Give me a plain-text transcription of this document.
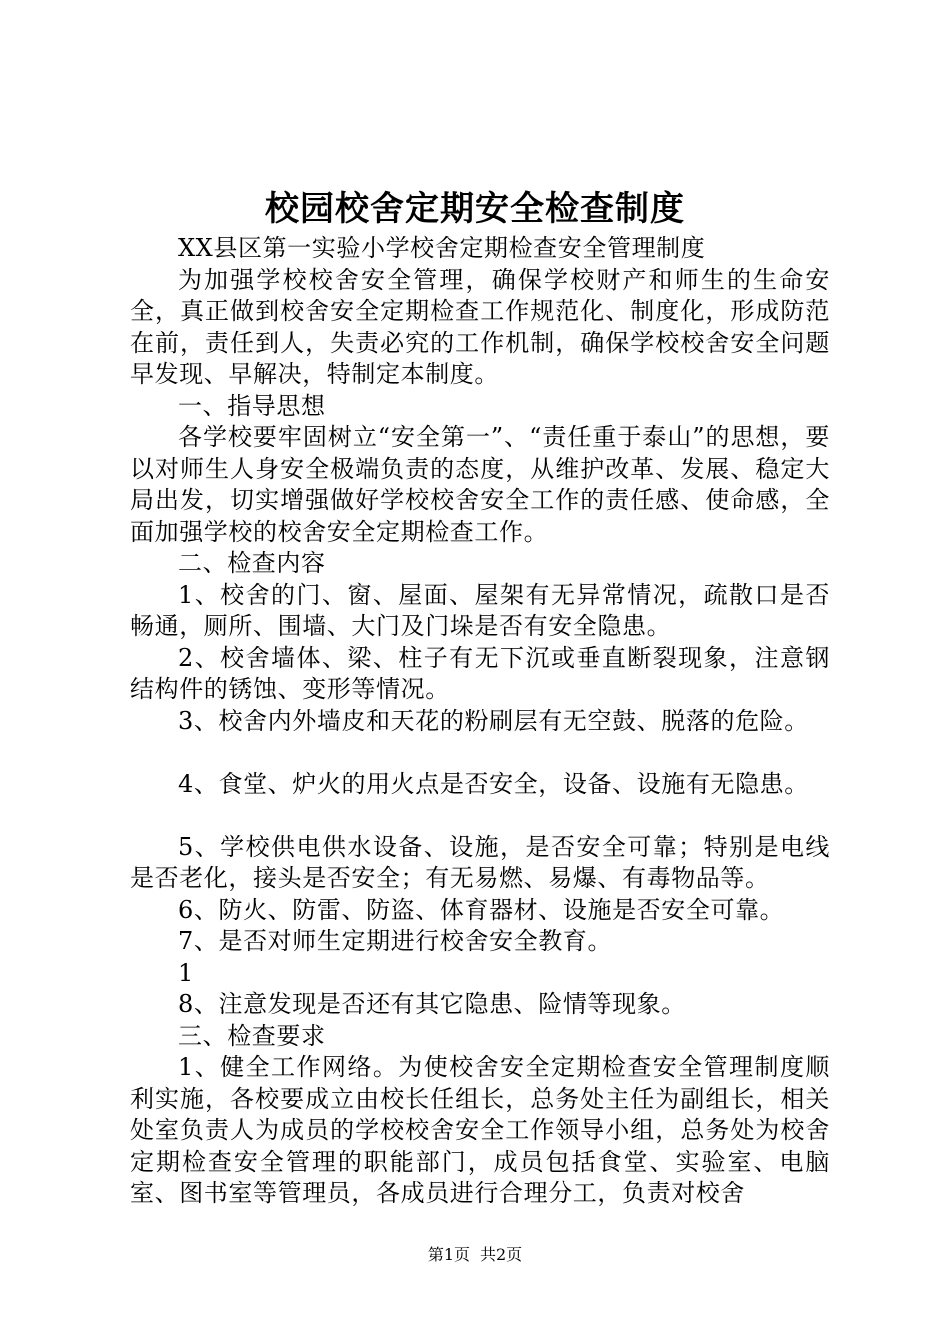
校园校舍定期安全检查制度

XX县区第一实验小学校舍定期检查安全管理制度

为加强学校校舍安全管理，确保学校财产和师生的生命安全，真正做到校舍安全定期检查工作规范化、制度化，形成防范在前，责任到人，失责必究的工作机制，确保学校校舍安全问题早发现、早解决，特制定本制度。

一、指导思想

各学校要牢固树立“安全第一”、“责任重于泰山”的思想，要以对师生人身安全极端负责的态度，从维护改革、发展、稳定大局出发，切实增强做好学校校舍安全工作的责任感、使命感，全面加强学校的校舍安全定期检查工作。

二、检查内容

1、校舍的门、窗、屋面、屋架有无异常情况，疏散口是否畅通，厕所、围墙、大门及门垛是否有安全隐患。

2、校舍墙体、梁、柱子有无下沉或垂直断裂现象，注意钢结构件的锈蚀、变形等情况。

3、校舍内外墙皮和天花的粉刷层有无空鼓、脱落的危险。

4、食堂、炉火的用火点是否安全，设备、设施有无隐患。

5、学校供电供水设备、设施，是否安全可靠；特别是电线是否老化，接头是否安全；有无易燃、易爆、有毒物品等。

6、防火、防雷、防盗、体育器材、设施是否安全可靠。

7、是否对师生定期进行校舍安全教育。

1

8、注意发现是否还有其它隐患、险情等现象。

三、检查要求

1、健全工作网络。为使校舍安全定期检查安全管理制度顺利实施，各校要成立由校长任组长，总务处主任为副组长，相关处室负责人为成员的学校校舍安全工作领导小组，总务处为校舍定期检查安全管理的职能部门，成员包括食堂、实验室、电脑室、图书室等管理员，各成员进行合理分工，负责对校舍

第1页 共2页
